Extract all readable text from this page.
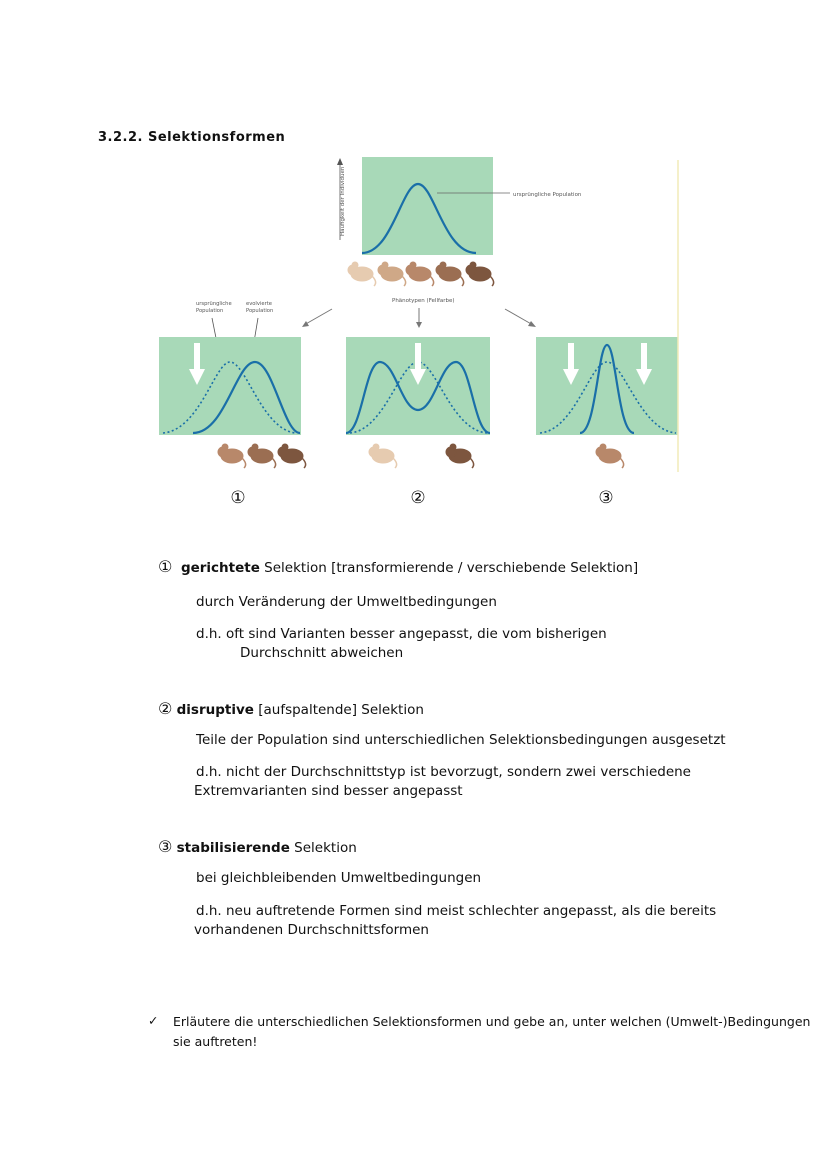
3.2.2. Selektionsformen
ursprüngliche Population
Häufigkeit der Individuen
Phänotypen (Fellfarbe)
ursprüngliche Population
evolvierte Population
①	②	③
① gerichtete Selektion [transformierende / verschiebende Selektion]
durch Veränderung der Umweltbedingungen
d.h. oft sind Varianten besser angepasst, die vom bisherigen
Durchschnitt abweichen
② disruptive [aufspaltende] Selektion
Teile der Population sind unterschiedlichen Selektionsbedingungen ausgesetzt
d.h. nicht der Durchschnittstyp ist bevorzugt, sondern zwei verschiedene
Extremvarianten sind besser angepasst
③ stabilisierende Selektion
bei gleichbleibenden Umweltbedingungen
d.h. neu auftretende Formen sind meist schlechter angepasst, als die bereits
vorhandenen Durchschnittsformen
✓ Erläutere die unterschiedlichen Selektionsformen und gebe an, unter welchen (Umwelt-)Bedingungen
sie auftreten!
